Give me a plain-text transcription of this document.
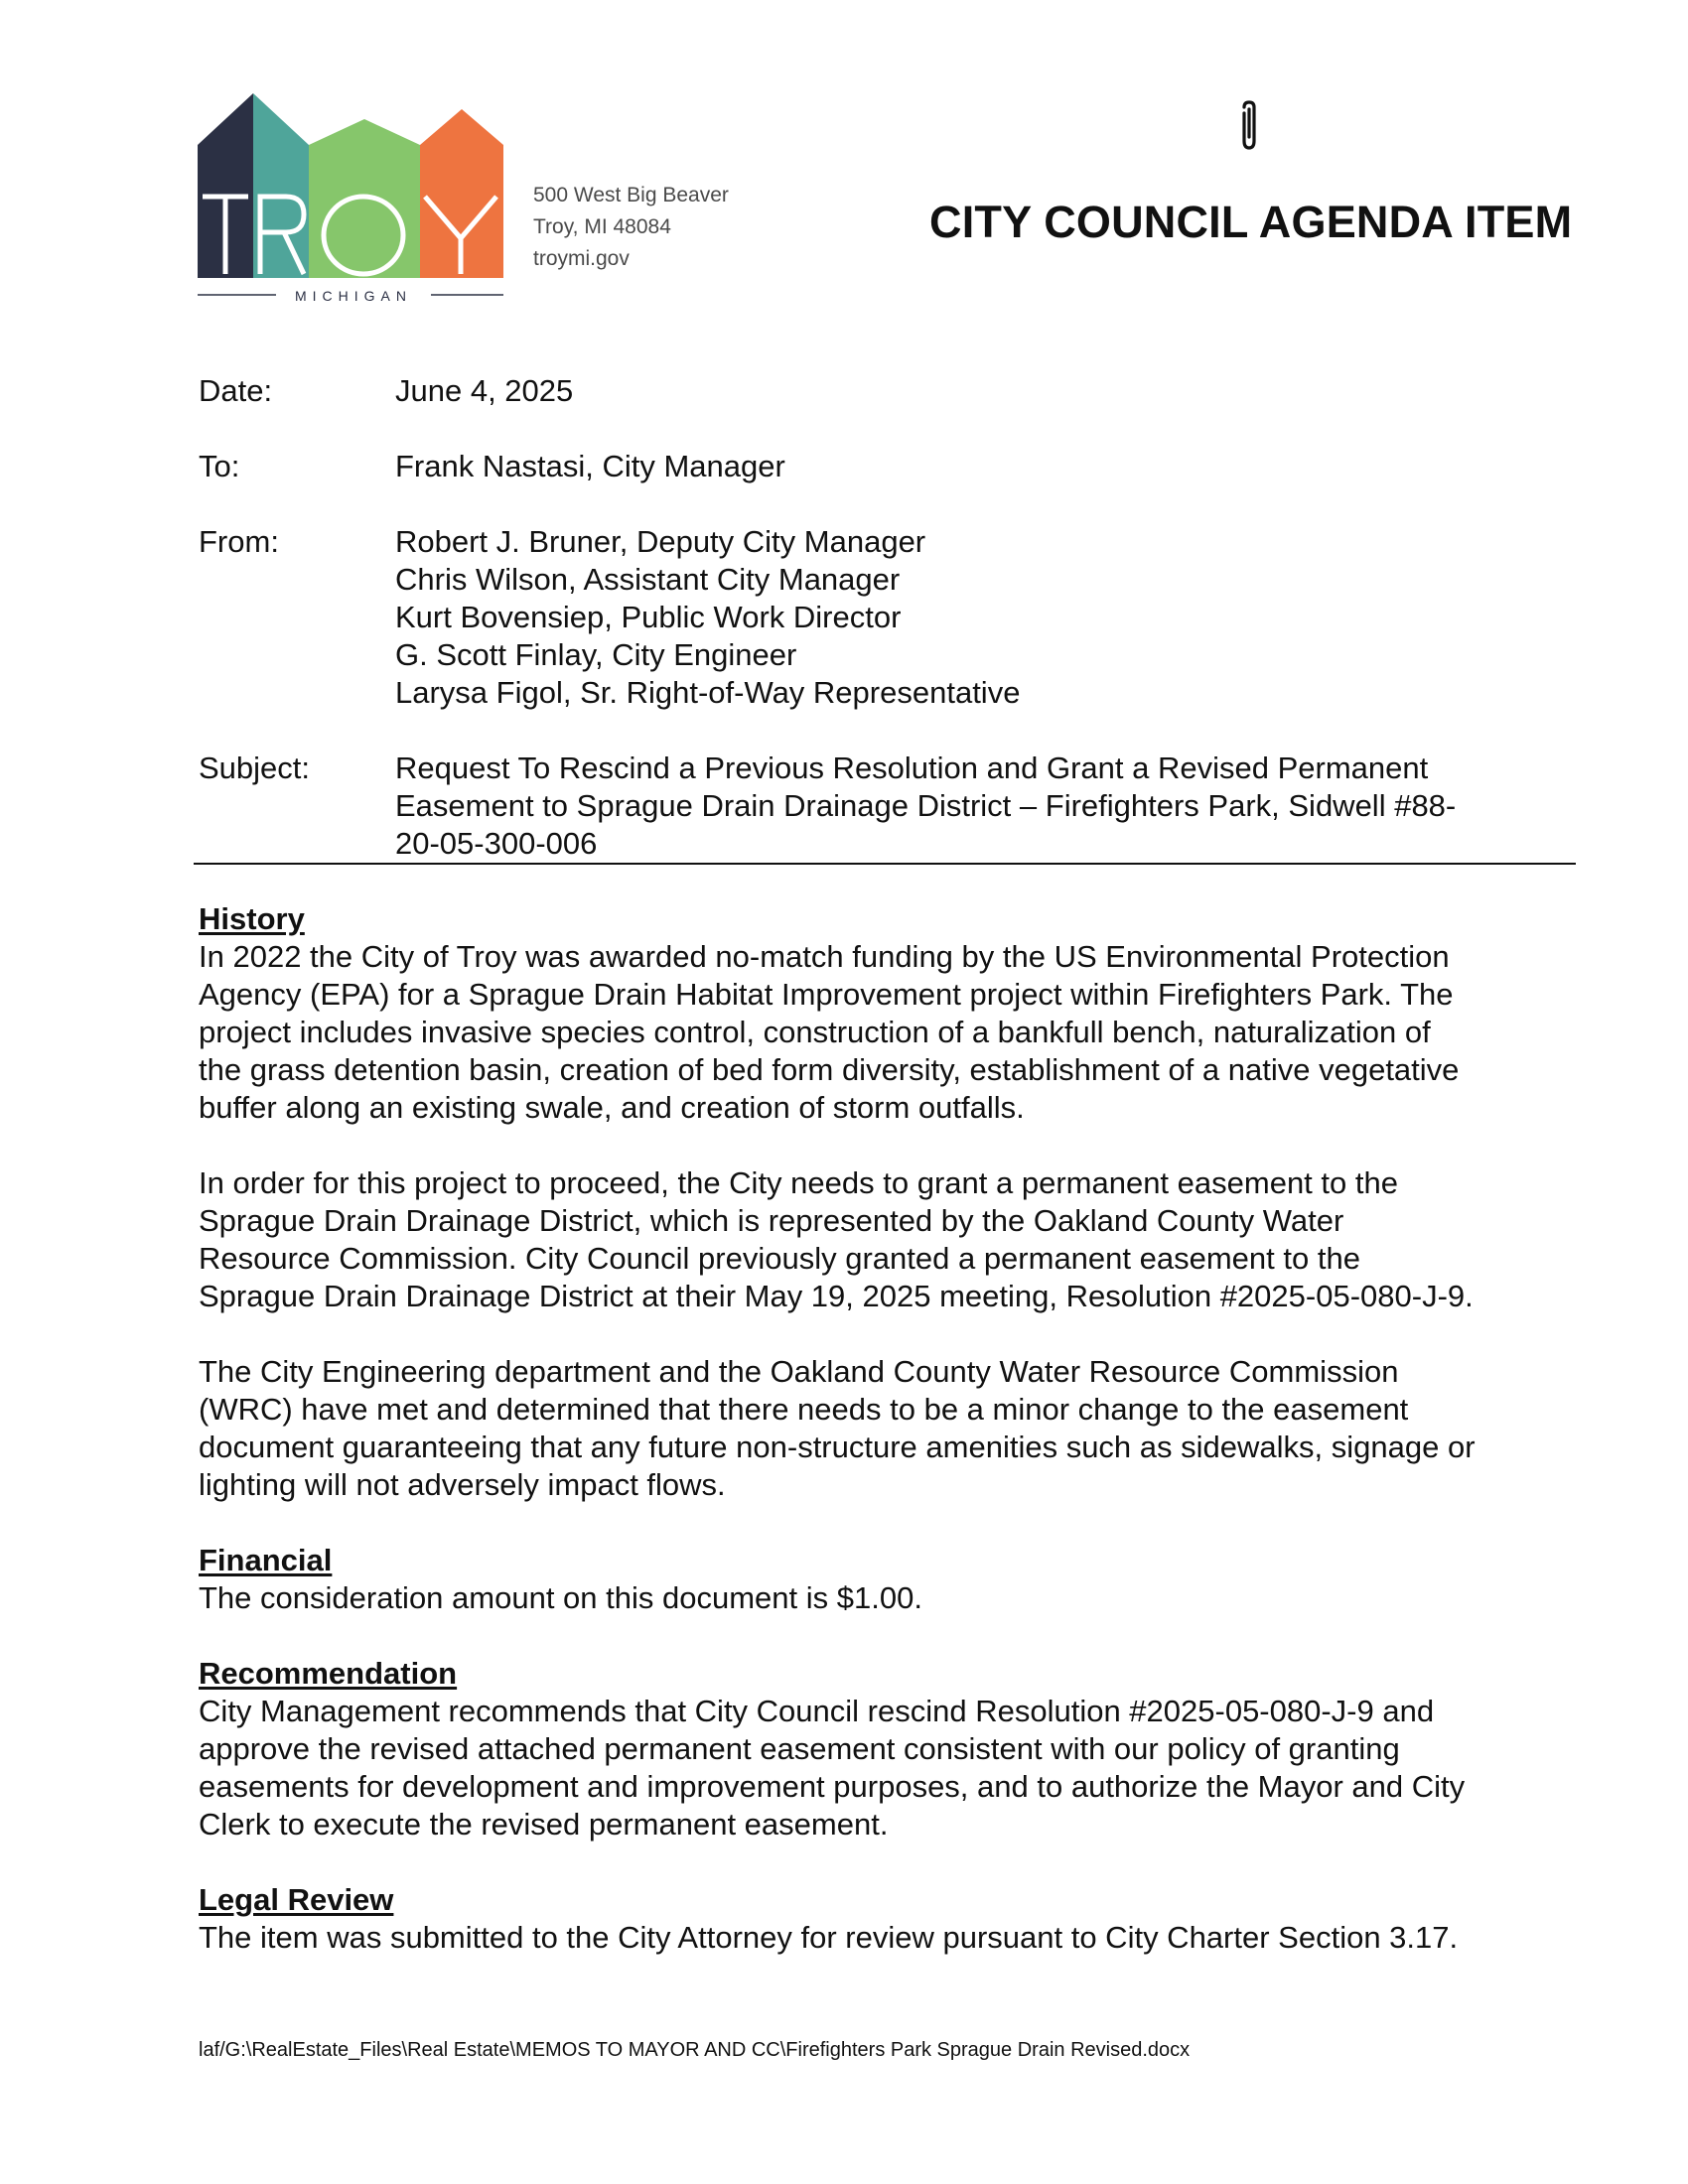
MICHIGAN
500 West Big Beaver
Troy, MI 48084
troymi.gov
CITY COUNCIL AGENDA ITEM
Date:	June 4, 2025
To:	Frank Nastasi, City Manager
From:	Robert J. Bruner, Deputy City Manager
Chris Wilson, Assistant City Manager
Kurt Bovensiep, Public Work Director
G. Scott Finlay, City Engineer
Larysa Figol, Sr. Right-of-Way Representative
Subject:	Request To Rescind a Previous Resolution and Grant a Revised Permanent
Easement to Sprague Drain Drainage District – Firefighters Park, Sidwell #88-
20-05-300-006
History
In 2022 the City of Troy was awarded no-match funding by the US Environmental Protection
Agency (EPA) for a Sprague Drain Habitat Improvement project within Firefighters Park. The
project includes invasive species control, construction of a bankfull bench, naturalization of
the grass detention basin, creation of bed form diversity, establishment of a native vegetative
buffer along an existing swale, and creation of storm outfalls.
In order for this project to proceed, the City needs to grant a permanent easement to the
Sprague Drain Drainage District, which is represented by the Oakland County Water
Resource Commission. City Council previously granted a permanent easement to the
Sprague Drain Drainage District at their May 19, 2025 meeting, Resolution #2025-05-080-J-9.
The City Engineering department and the Oakland County Water Resource Commission
(WRC) have met and determined that there needs to be a minor change to the easement
document guaranteeing that any future non-structure amenities such as sidewalks, signage or
lighting will not adversely impact flows.
Financial
The consideration amount on this document is $1.00.
Recommendation
City Management recommends that City Council rescind Resolution #2025-05-080-J-9 and
approve the revised attached permanent easement consistent with our policy of granting
easements for development and improvement purposes, and to authorize the Mayor and City
Clerk to execute the revised permanent easement.
Legal Review
The item was submitted to the City Attorney for review pursuant to City Charter Section 3.17.
laf/G:\RealEstate_Files\Real Estate\MEMOS TO MAYOR AND CC\Firefighters Park Sprague Drain Revised.docx
